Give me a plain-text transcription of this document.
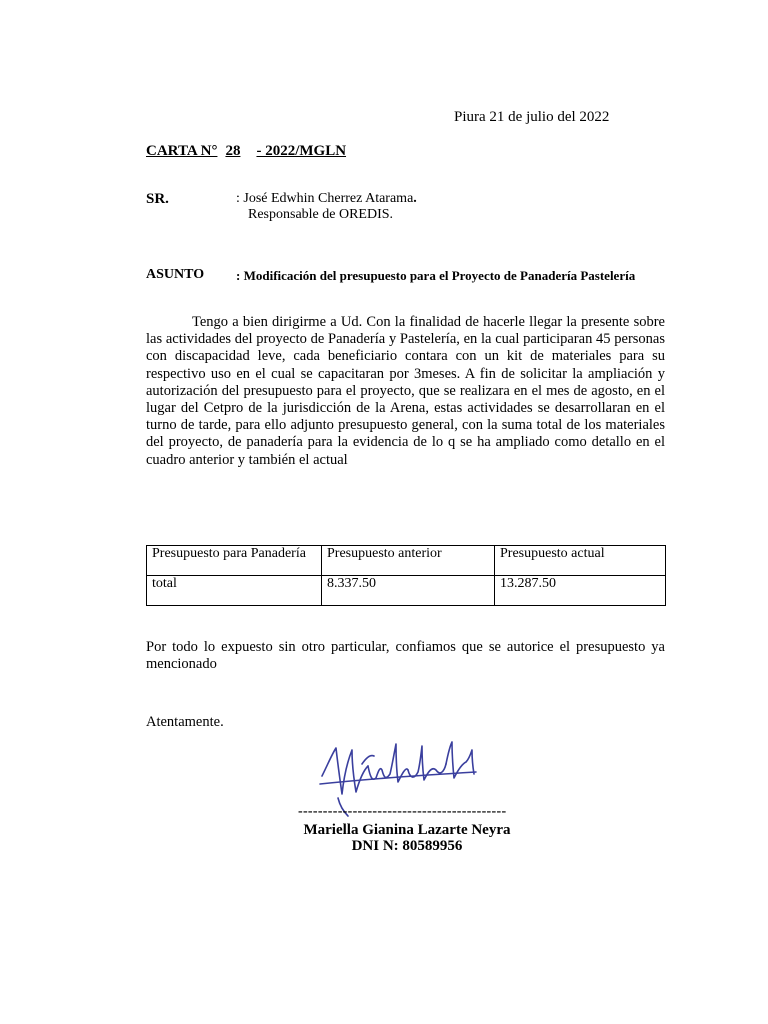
Piura 21 de julio del 2022
CARTA N° 28 - 2022/MGLN
SR.	: José Edwhin Cherrez Atarama.
Responsable de OREDIS.
ASUNTO : Modificación del presupuesto para el Proyecto de Panadería Pastelería
Tengo a bien dirigirme a Ud. Con la finalidad de hacerle llegar la presente sobre las actividades del proyecto de Panadería y Pastelería, en la cual participaran 45 personas con discapacidad leve, cada beneficiario contara con un kit de materiales para su respectivo uso en el cual se capacitaran por 3meses. A fin de solicitar la ampliación y autorización del presupuesto para el proyecto, que se realizara en el mes de agosto, en el lugar del Cetpro de la jurisdicción de la Arena, estas actividades se desarrollaran en el turno de tarde, para ello adjunto presupuesto general, con la suma total de los materiales del proyecto, de panadería para la evidencia de lo q se ha ampliado como detallo en el cuadro anterior y también el actual
Presupuesto para Panadería	Presupuesto anterior	Presupuesto actual
total	8.337.50	13.287.50
Por todo lo expuesto sin otro particular, confiamos que se autorice el presupuesto ya mencionado
Atentamente.
------------------------------------------
Mariella Gianina Lazarte Neyra
DNI N: 80589956
